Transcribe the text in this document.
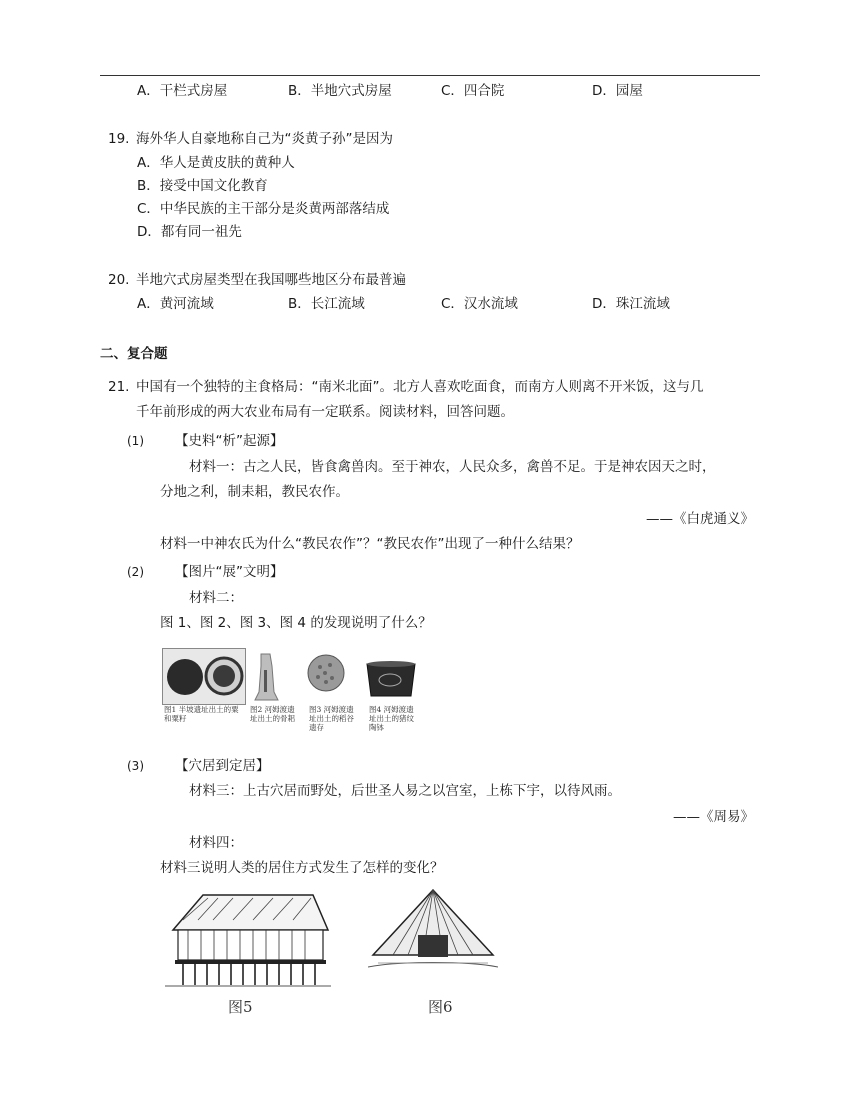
A．干栏式房屋	B．半地穴式房屋	C．四合院	D．园屋
19. 海外华人自豪地称自己为“炎黄子孙”是因为
A．华人是黄皮肤的黄种人
B．接受中国文化教育
C．中华民族的主干部分是炎黄两部落结成
D．都有同一祖先
20. 半地穴式房屋类型在我国哪些地区分布最普遍
A．黄河流域	B．长江流域	C．汉水流域	D．珠江流域
二、复合题
21. 中国有一个独特的主食格局：“南米北面”。北方人喜欢吃面食，而南方人则离不开米饭，这与几
千年前形成的两大农业布局有一定联系。阅读材料，回答问题。
(1) 【史料“析”起源】
材料一：古之人民，皆食禽兽肉。至于神农，人民众多，禽兽不足。于是神农因天之时，
分地之利，制耒耜，教民农作。
——《白虎通义》
材料一中神农氏为什么“教民农作”？“教民农作”出现了一种什么结果？
(2) 【图片“展”文明】
材料二：
图 1、图 2、图 3、图 4 的发现说明了什么？
图1 半坡遗址出土的粟和粟籽
图2 河姆渡遗址出土的骨耜
图3 河姆渡遗址出土的稻谷遗存
图4 河姆渡遗址出土的猪纹陶钵
(3) 【穴居到定居】
材料三：上古穴居而野处，后世圣人易之以宫室，上栋下宇，以待风雨。
——《周易》
材料四：
材料三说明人类的居住方式发生了怎样的变化？
图5	图6
